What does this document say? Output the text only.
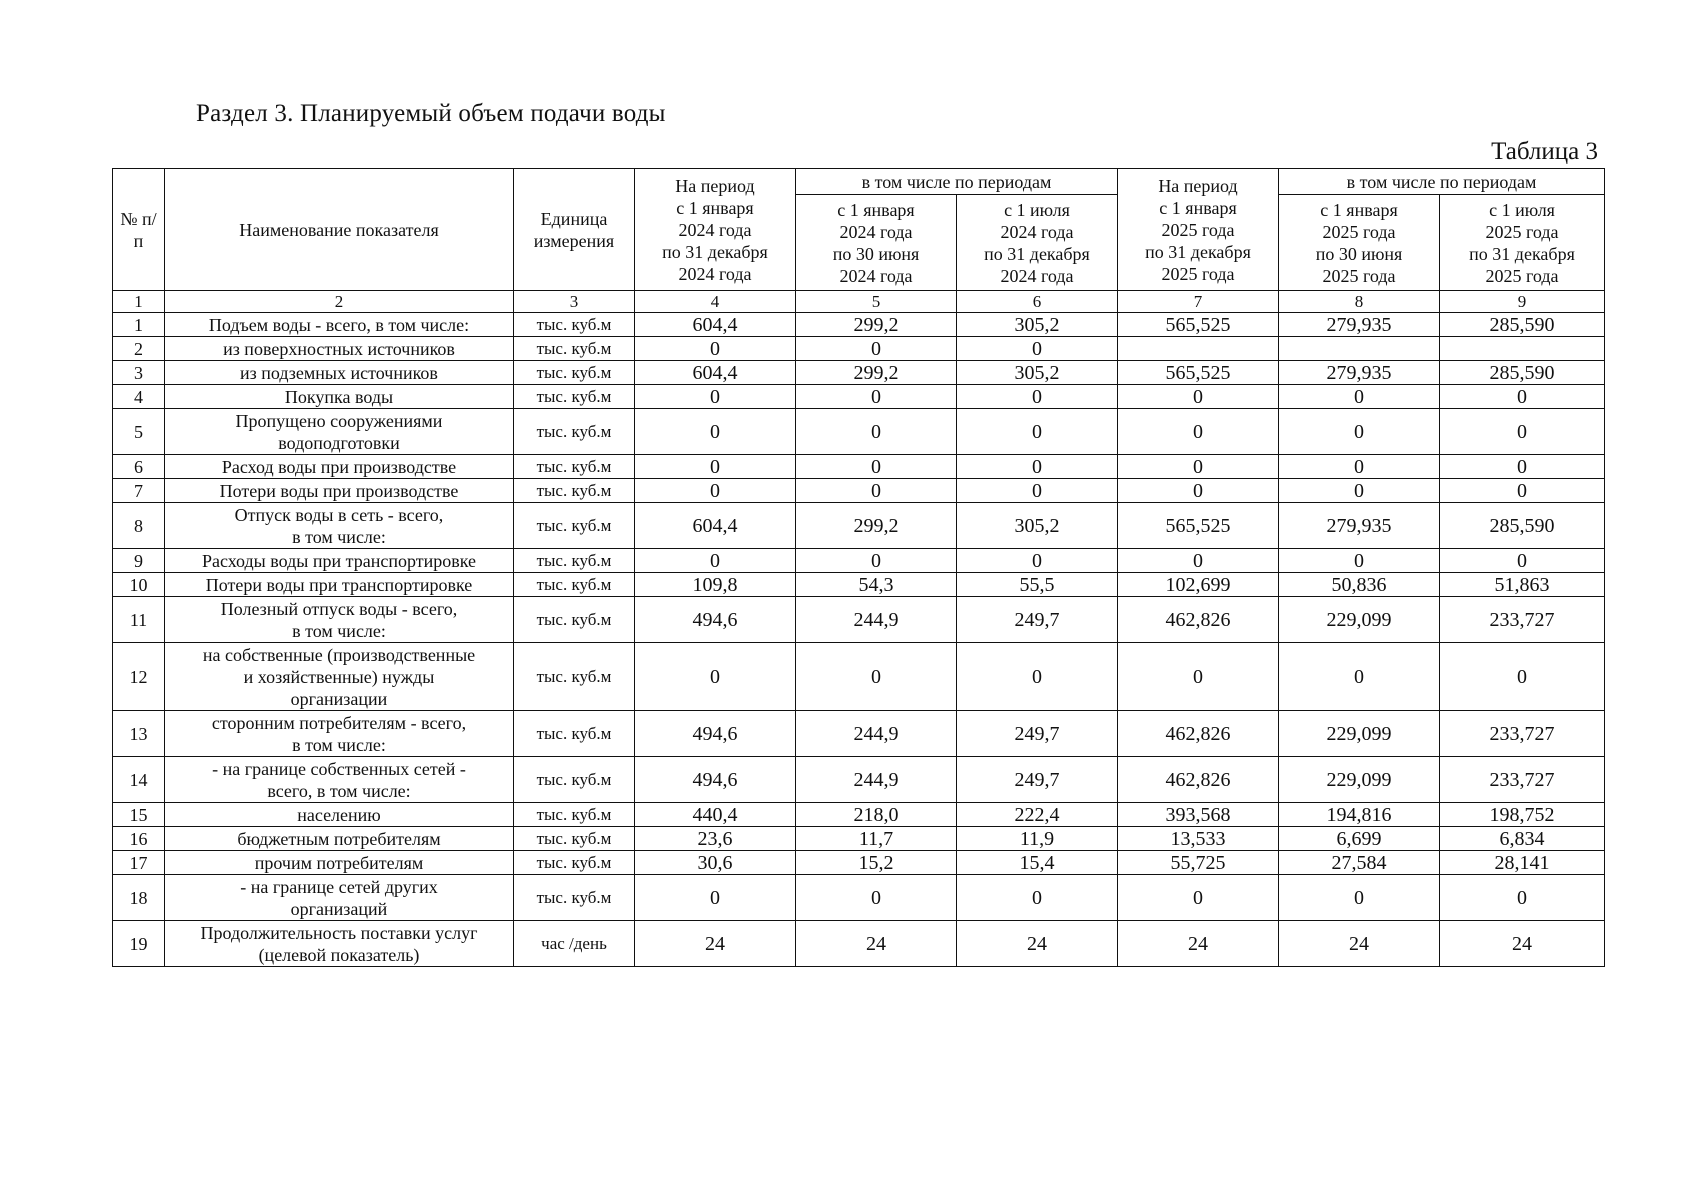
Раздел 3. Планируемый объем подачи воды
Таблица 3
№ п/п	Наименование показателя	Единица измерения	На период
с 1 января
2024 года
по 31 декабря
2024 года	в том числе по периодам		На период
с 1 января
2025 года
по 31 декабря
2025 года	в том числе по периодам	

				с 1 января
2024 года
по 30 июня
2024 года	с 1 июля
2024 года
по 31 декабря
2024 года		с 1 января
2025 года
по 30 июня
2025 года	с 1 июля
2025 года
по 31 декабря
2025 года

1	2	3	4	5	6	7	8	9
1	Подъем воды - всего, в том числе:	тыс. куб.м	604,4	299,2	305,2	565,525	279,935	285,590
2	из поверхностных источников	тыс. куб.м	0	0	0			
3	из подземных источников	тыс. куб.м	604,4	299,2	305,2	565,525	279,935	285,590
4	Покупка воды	тыс. куб.м	0	0	0	0	0	0
5	Пропущено сооружениями
водоподготовки	тыс. куб.м	0	0	0	0	0	0
6	Расход воды при производстве	тыс. куб.м	0	0	0	0	0	0
7	Потери воды при производстве	тыс. куб.м	0	0	0	0	0	0
8	Отпуск воды в сеть - всего,
в том числе:	тыс. куб.м	604,4	299,2	305,2	565,525	279,935	285,590
9	Расходы воды при транспортировке	тыс. куб.м	0	0	0	0	0	0
10	Потери воды при транспортировке	тыс. куб.м	109,8	54,3	55,5	102,699	50,836	51,863
11	Полезный отпуск воды - всего,
в том числе:	тыс. куб.м	494,6	244,9	249,7	462,826	229,099	233,727
12	на собственные (производственные
и хозяйственные) нужды
организации	тыс. куб.м	0	0	0	0	0	0
13	сторонним потребителям - всего,
в том числе:	тыс. куб.м	494,6	244,9	249,7	462,826	229,099	233,727
14	- на границе собственных сетей -
всего, в том числе:	тыс. куб.м	494,6	244,9	249,7	462,826	229,099	233,727
15	населению	тыс. куб.м	440,4	218,0	222,4	393,568	194,816	198,752
16	бюджетным потребителям	тыс. куб.м	23,6	11,7	11,9	13,533	6,699	6,834
17	прочим потребителям	тыс. куб.м	30,6	15,2	15,4	55,725	27,584	28,141
18	- на границе сетей других
организаций	тыс. куб.м	0	0	0	0	0	0
19	Продолжительность поставки услуг
(целевой показатель)	час /день	24	24	24	24	24	24
